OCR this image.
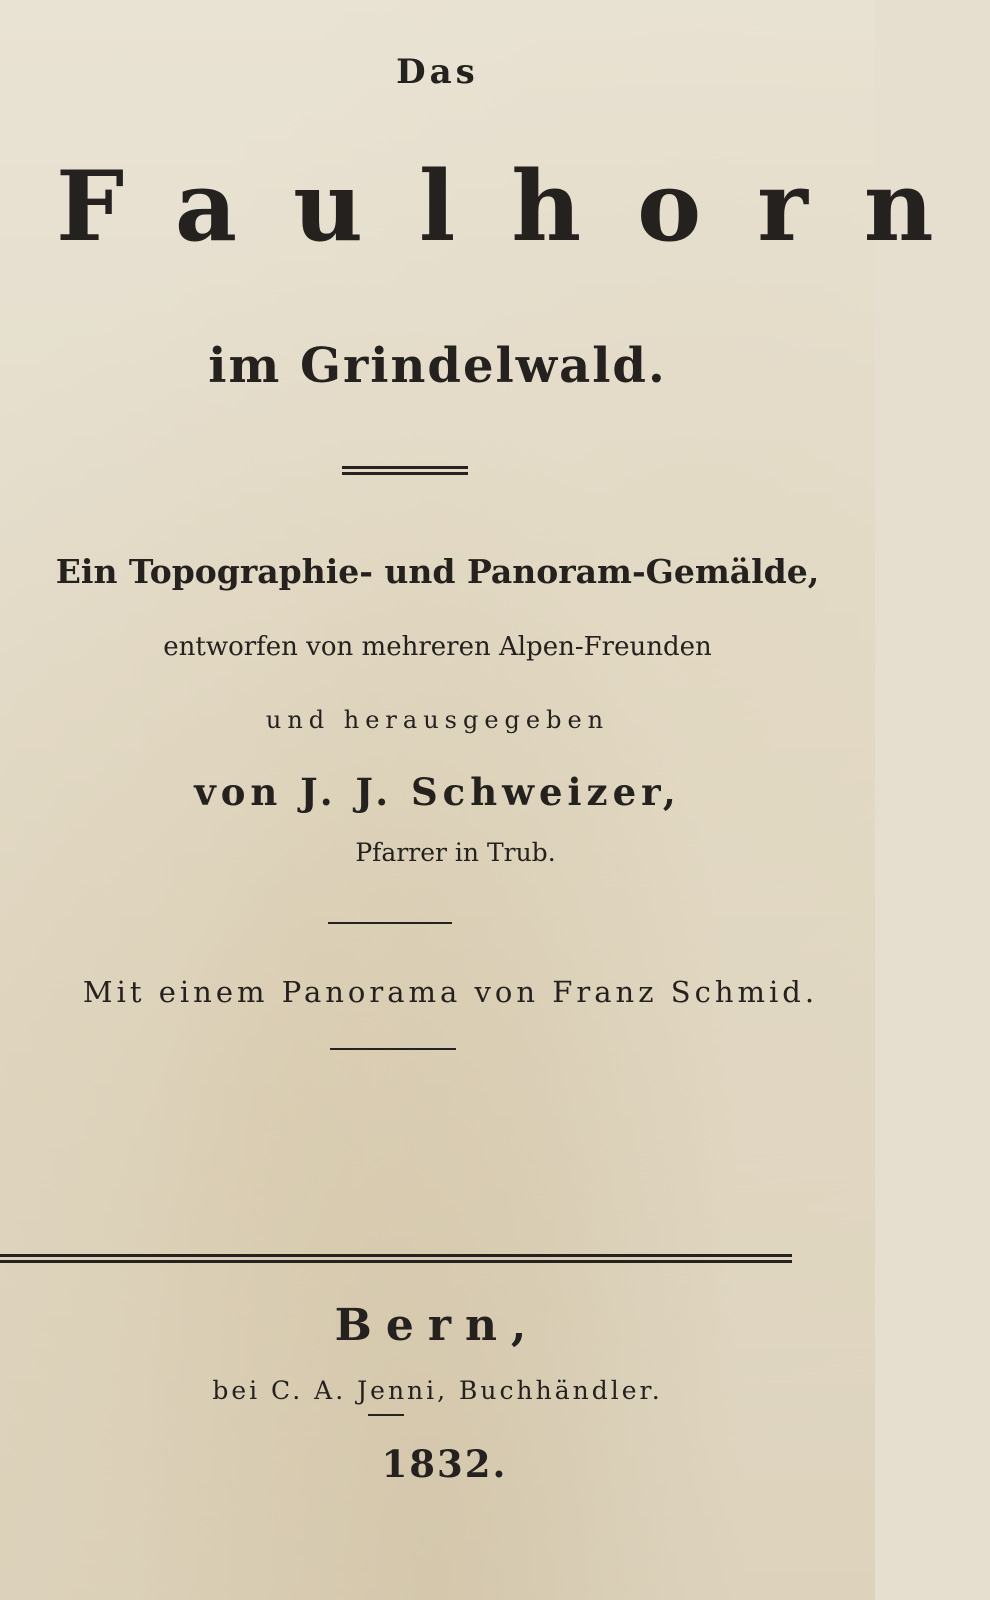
Das
Faulhorn
im Grindelwald.
Ein Topographie- und Panoram-Gemälde,
entworfen von mehreren Alpen-Freunden
und herausgegeben
von J. J. Schweizer,
Pfarrer in Trub.
Mit einem Panorama von Franz Schmid.
Bern,
bei C. A. Jenni, Buchhändler.
1832.
